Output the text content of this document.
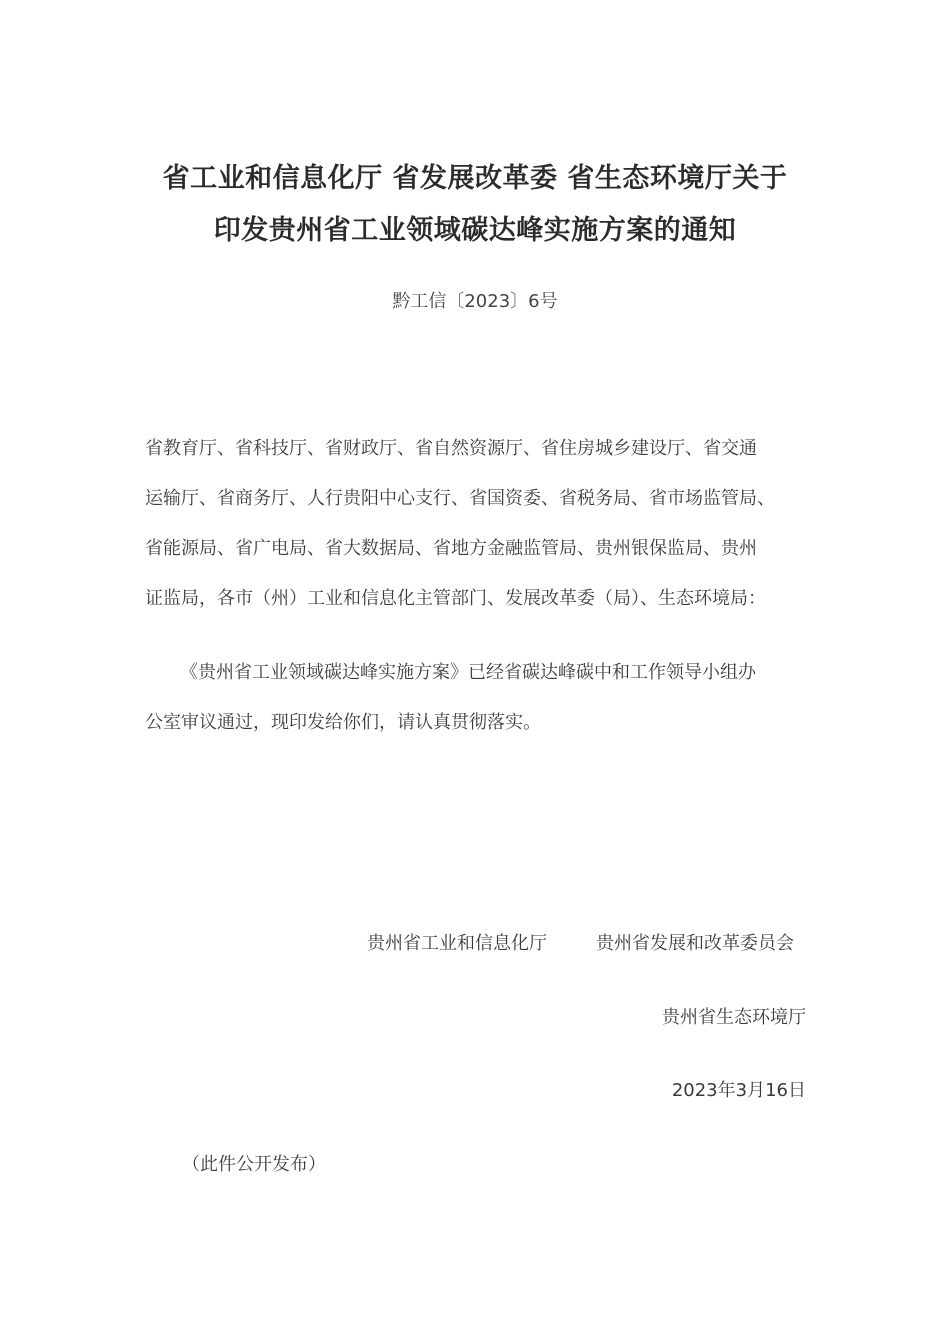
省工业和信息化厅 省发展改革委 省生态环境厅关于
印发贵州省工业领域碳达峰实施方案的通知
黔工信〔2023〕6号
省教育厅、省科技厅、省财政厅、省自然资源厅、省住房城乡建设厅、省交通
运输厅、省商务厅、人行贵阳中心支行、省国资委、省税务局、省市场监管局、
省能源局、省广电局、省大数据局、省地方金融监管局、贵州银保监局、贵州
证监局，各市（州）工业和信息化主管部门、发展改革委（局）、生态环境局：
《贵州省工业领域碳达峰实施方案》已经省碳达峰碳中和工作领导小组办
公室审议通过，现印发给你们，请认真贯彻落实。
贵州省工业和信息化厅	贵州省发展和改革委员会
贵州省生态环境厅
2023年3月16日
（此件公开发布）
